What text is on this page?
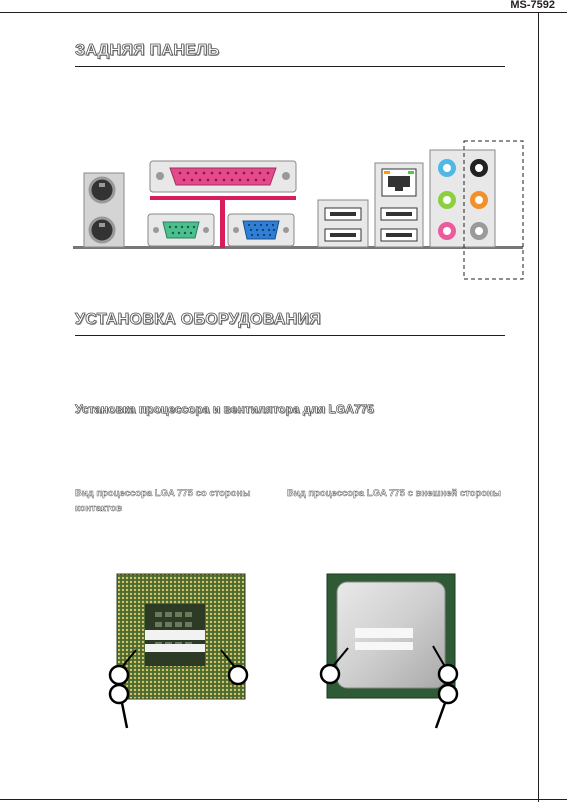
MS-7592
ЗАДНЯЯ ПАНЕЛЬ
УСТАНОВКА ОБОРУДОВАНИЯ
Установка процессора и вентилятора для LGA775
Вид процессора LGA 775 со стороны контактов
Вид процессора LGA 775 с внешней стороны
